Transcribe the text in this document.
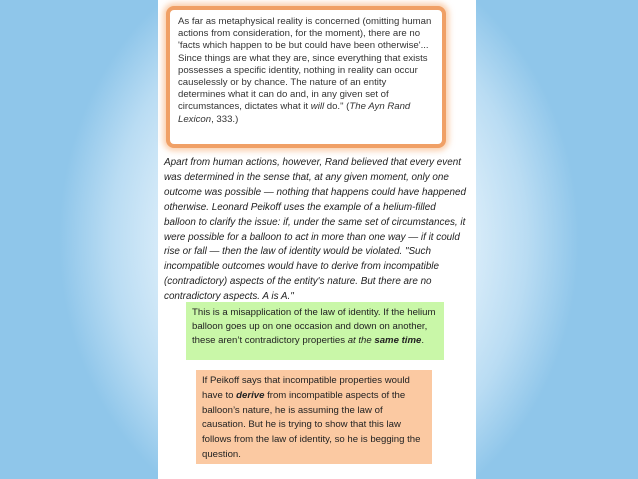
As far as metaphysical reality is concerned (omitting human actions from consideration, for the moment), there are no 'facts which happen to be but could have been otherwise'... Since things are what they are, since everything that exists possesses a specific identity, nothing in reality can occur causelessly or by chance. The nature of an entity determines what it can do and, in any given set of circumstances, dictates what it will do." (The Ayn Rand Lexicon, 333.)

Apart from human actions, however, Rand believed that every event was determined in the sense that, at any given moment, only one outcome was possible — nothing that happens could have happened otherwise. Leonard Peikoff uses the example of a helium-filled balloon to clarify the issue: if, under the same set of circumstances, it were possible for a balloon to act in more than one way — if it could rise or fall — then the law of identity would be violated. "Such incompatible outcomes would have to derive from incompatible (contradictory) aspects of the entity's nature. But there are no contradictory aspects. A is A."

This is a misapplication of the law of identity. If the helium balloon goes up on one occasion and down on another, these aren’t contradictory properties at the same time.

If Peikoff says that incompatible properties would have to derive from incompatible aspects of the balloon’s nature, he is assuming the law of causation. But he is trying to show that this law follows from the law of identity, so he is begging the question.
